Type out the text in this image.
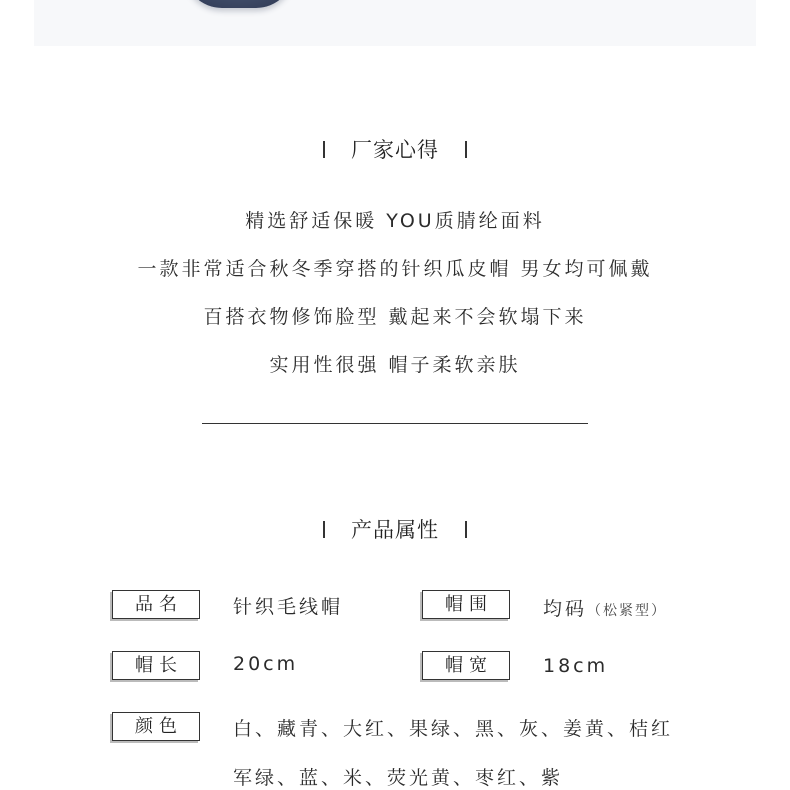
厂家心得
精选舒适保暖 YOU质腈纶面料
一款非常适合秋冬季穿搭的针织瓜皮帽 男女均可佩戴
百搭衣物修饰脸型 戴起来不会软塌下来
实用性很强 帽子柔软亲肤
产品属性
品名	针织毛线帽	帽围	均码（松紧型）
帽长	20cm	帽宽	18cm
颜色	白、藏青、大红、果绿、黑、灰、姜黄、桔红
军绿、蓝、米、荧光黄、枣红、紫
